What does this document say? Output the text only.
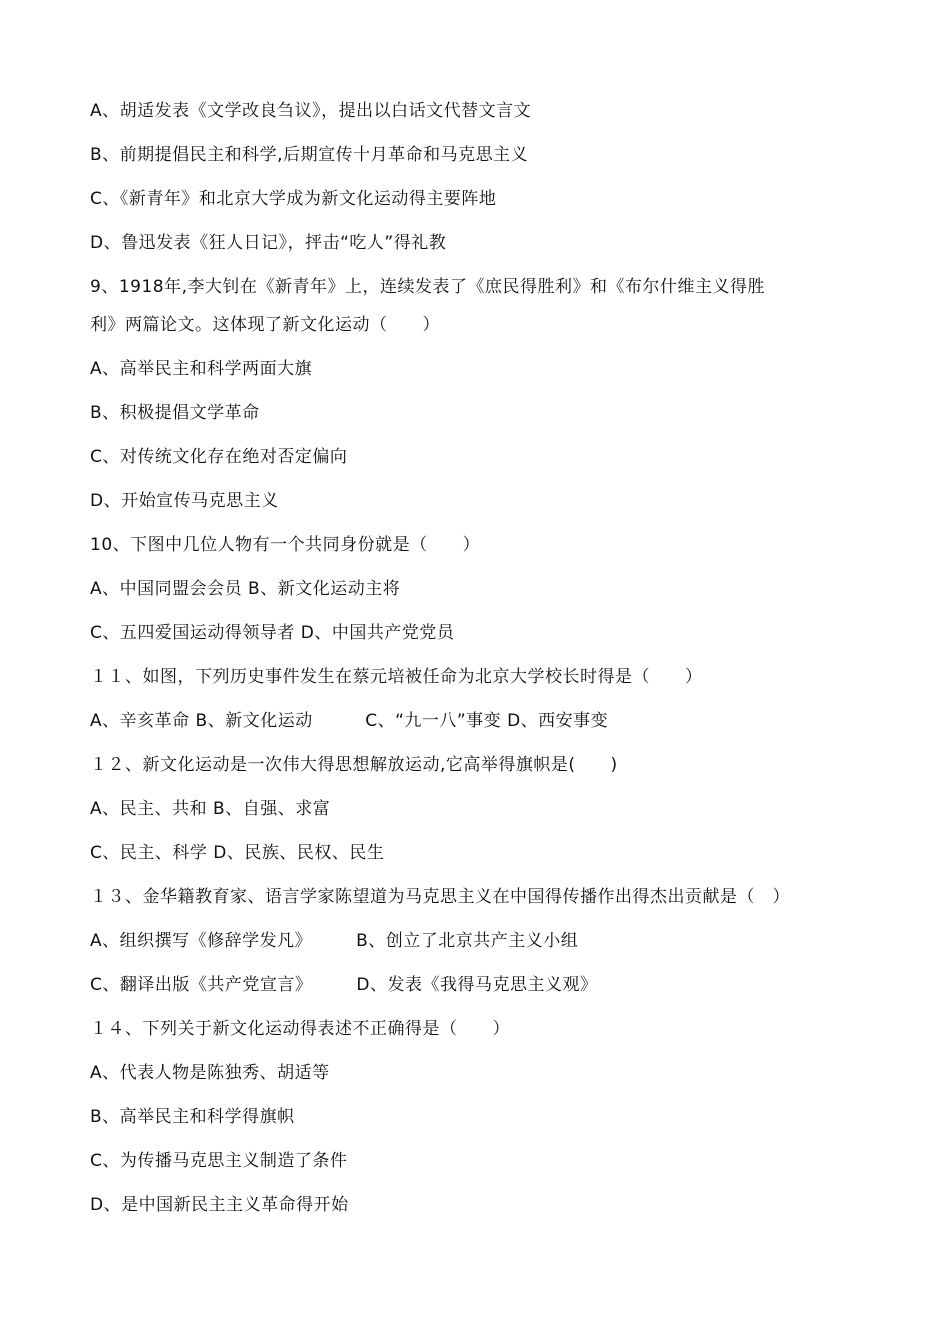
A、胡适发表《文学改良刍议》，提出以白话文代替文言文
B、前期提倡民主和科学,后期宣传十月革命和马克思主义
C、《新青年》和北京大学成为新文化运动得主要阵地
D、鲁迅发表《狂人日记》，抨击“吃人”得礼教
9、1918年,李大钊在《新青年》上，连续发表了《庶民得胜利》和《布尔什维主义得胜
利》两篇论文。这体现了新文化运动（　　）
A、高举民主和科学两面大旗
B、积极提倡文学革命
C、对传统文化存在绝对否定偏向
D、开始宣传马克思主义
10、下图中几位人物有一个共同身份就是（　　）
A、中国同盟会会员 B、新文化运动主将
C、五四爱国运动得领导者 D、中国共产党党员
１１、如图，下列历史事件发生在蔡元培被任命为北京大学校长时得是（　　）
A、辛亥革命 B、新文化运动　　　C、“九一八”事变 D、西安事变
１２、新文化运动是一次伟大得思想解放运动,它高举得旗帜是(　　)
A、民主、共和 B、自强、求富
C、民主、科学 D、民族、民权、民生
１３、金华籍教育家、语言学家陈望道为马克思主义在中国得传播作出得杰出贡献是（　）
A、组织撰写《修辞学发凡》　　　B、创立了北京共产主义小组
C、翻译出版《共产党宣言》　　　D、发表《我得马克思主义观》
１４、下列关于新文化运动得表述不正确得是（　　）
A、代表人物是陈独秀、胡适等
B、高举民主和科学得旗帜
C、为传播马克思主义制造了条件
D、是中国新民主主义革命得开始
